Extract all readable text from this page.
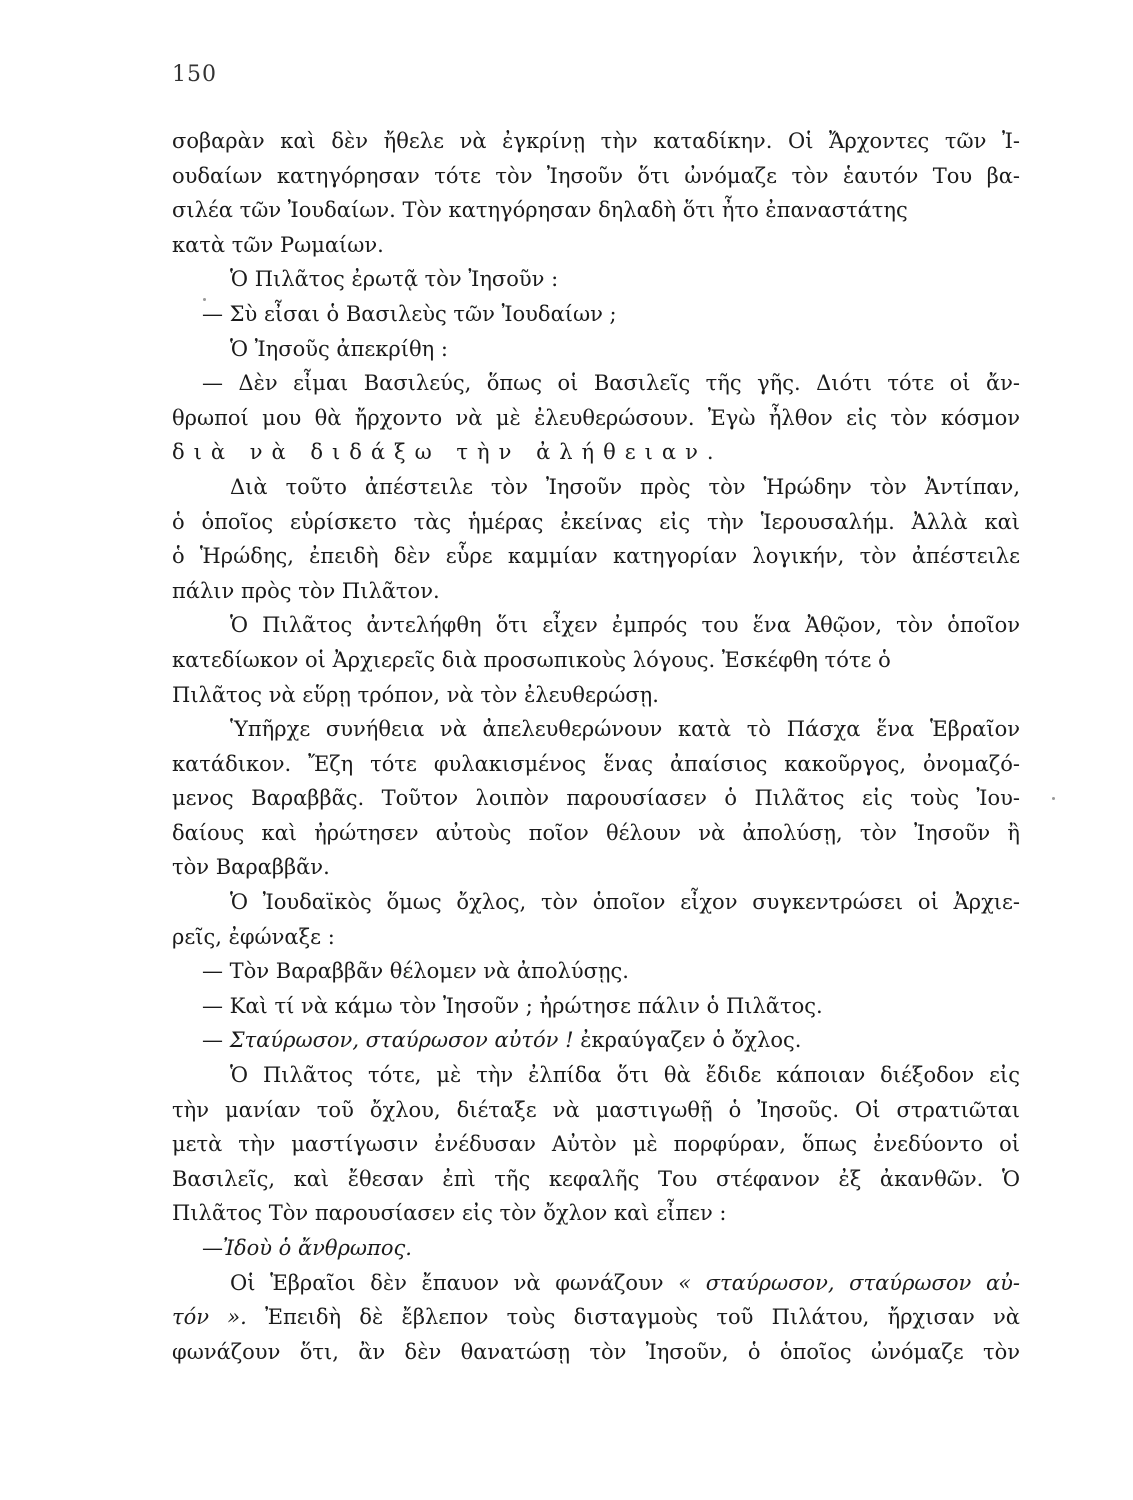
150
σοβαρὰν καὶ δὲν ἤθελε νὰ ἐγκρίνῃ τὴν καταδίκην. Οἱ Ἄρχοντες τῶν Ἰ-
ουδαίων κατηγόρησαν τότε τὸν Ἰησοῦν ὅτι ὠνόμαζε τὸν ἑαυτόν Του βα-
σιλέα τῶν Ἰουδαίων. Τὸν κατηγόρησαν δηλαδὴ ὅτι ἦτο ἐπαναστάτης
κατὰ τῶν Ρωμαίων.
Ὁ Πιλᾶτος ἐρωτᾷ τὸν Ἰησοῦν :
— Σὺ εἶσαι ὁ Βασιλεὺς τῶν Ἰουδαίων ;
Ὁ Ἰησοῦς ἀπεκρίθη :
— Δὲν εἶμαι Βασιλεύς, ὅπως οἱ Βασιλεῖς τῆς γῆς. Διότι τότε οἱ ἄν-
θρωποί μου θὰ ἤρχοντο νὰ μὲ ἐλευθερώσουν. Ἐγὼ ἦλθον εἰς τὸν κόσμον
διὰ νὰ διδάξω τὴν ἀλήθειαν.
Διὰ τοῦτο ἀπέστειλε τὸν Ἰησοῦν πρὸς τὸν Ἡρώδην τὸν Ἀντίπαν,
ὁ ὁποῖος εὑρίσκετο τὰς ἡμέρας ἐκείνας εἰς τὴν Ἱερουσαλήμ. Ἀλλὰ καὶ
ὁ Ἡρώδης, ἐπειδὴ δὲν εὗρε καμμίαν κατηγορίαν λογικήν, τὸν ἀπέστειλε
πάλιν πρὸς τὸν Πιλᾶτον.
Ὁ Πιλᾶτος ἀντελήφθη ὅτι εἶχεν ἐμπρός του ἕνα Ἀθῷον, τὸν ὁποῖον
κατεδίωκον οἱ Ἀρχιερεῖς διὰ προσωπικοὺς λόγους. Ἐσκέφθη τότε ὁ
Πιλᾶτος νὰ εὕρῃ τρόπον, νὰ τὸν ἐλευθερώσῃ.
Ὑπῆρχε συνήθεια νὰ ἀπελευθερώνουν κατὰ τὸ Πάσχα ἕνα Ἑβραῖον
κατάδικον. Ἔζη τότε φυλακισμένος ἕνας ἀπαίσιος κακοῦργος, ὀνομαζό-
μενος Βαραββᾶς. Τοῦτον λοιπὸν παρουσίασεν ὁ Πιλᾶτος εἰς τοὺς Ἰου-
δαίους καὶ ἠρώτησεν αὐτοὺς ποῖον θέλουν νὰ ἀπολύσῃ, τὸν Ἰησοῦν ἢ
τὸν Βαραββᾶν.
Ὁ Ἰουδαϊκὸς ὅμως ὄχλος, τὸν ὁποῖον εἶχον συγκεντρώσει οἱ Ἀρχιε-
ρεῖς, ἐφώναξε :
— Τὸν Βαραββᾶν θέλομεν νὰ ἀπολύσῃς.
— Καὶ τί νὰ κάμω τὸν Ἰησοῦν ; ἠρώτησε πάλιν ὁ Πιλᾶτος.
— Σταύρωσον, σταύρωσον αὐτόν ! ἐκραύγαζεν ὁ ὄχλος.
Ὁ Πιλᾶτος τότε, μὲ τὴν ἐλπίδα ὅτι θὰ ἔδιδε κάποιαν διέξοδον εἰς
τὴν μανίαν τοῦ ὄχλου, διέταξε νὰ μαστιγωθῇ ὁ Ἰησοῦς. Οἱ στρατιῶται
μετὰ τὴν μαστίγωσιν ἐνέδυσαν Αὐτὸν μὲ πορφύραν, ὅπως ἐνεδύοντο οἱ
Βασιλεῖς, καὶ ἔθεσαν ἐπὶ τῆς κεφαλῆς Του στέφανον ἐξ ἀκανθῶν. Ὁ
Πιλᾶτος Τὸν παρουσίασεν εἰς τὸν ὄχλον καὶ εἶπεν :
—Ἰδοὺ ὁ ἄνθρωπος.
Οἱ Ἑβραῖοι δὲν ἔπαυον νὰ φωνάζουν « σταύρωσον, σταύρωσον αὐ-
τόν ». Ἐπειδὴ δὲ ἔβλεπον τοὺς δισταγμοὺς τοῦ Πιλάτου, ἤρχισαν νὰ
φωνάζουν ὅτι, ἂν δὲν θανατώσῃ τὸν Ἰησοῦν, ὁ ὁποῖος ὠνόμαζε τὸν
